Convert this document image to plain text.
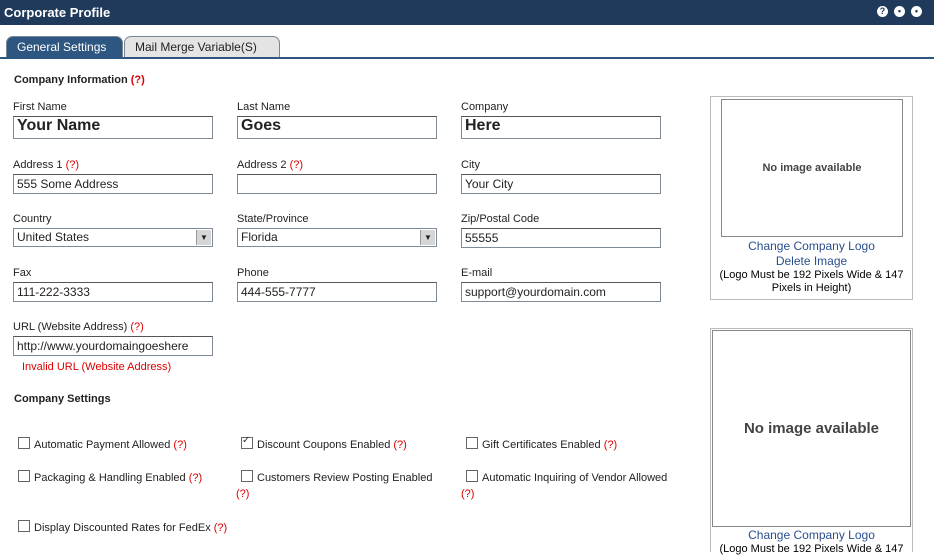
Corporate Profile	?	▪	•
General Settings	Mail Merge Variable(S)
Company Information (?)
First Name
Your Name
Last Name
Goes
Company
Here
Address 1 (?)
555 Some Address
Address 2 (?)	City
Your City
Country
United States	▼
State/Province
Florida	▼
Zip/Postal Code
55555
Fax
111-222-3333
Phone
444-555-7777
E-mail
support@yourdomain.com
URL (Website Address) (?)
http://www.yourdomaingoeshere
Invalid URL (Website Address)
Company Settings
Automatic Payment Allowed (?)
✓	Discount Coupons Enabled (?)	Gift Certificates Enabled (?)
Packaging & Handling Enabled (?)	Customers Review Posting Enabled
(?)
Automatic Inquiring of Vendor Allowed
(?)
Display Discounted Rates for FedEx (?)
No image available
Change Company Logo
Delete Image
(Logo Must be 192 Pixels Wide & 147 Pixels in Height)
No image available
Change Company Logo
(Logo Must be 192 Pixels Wide & 147
